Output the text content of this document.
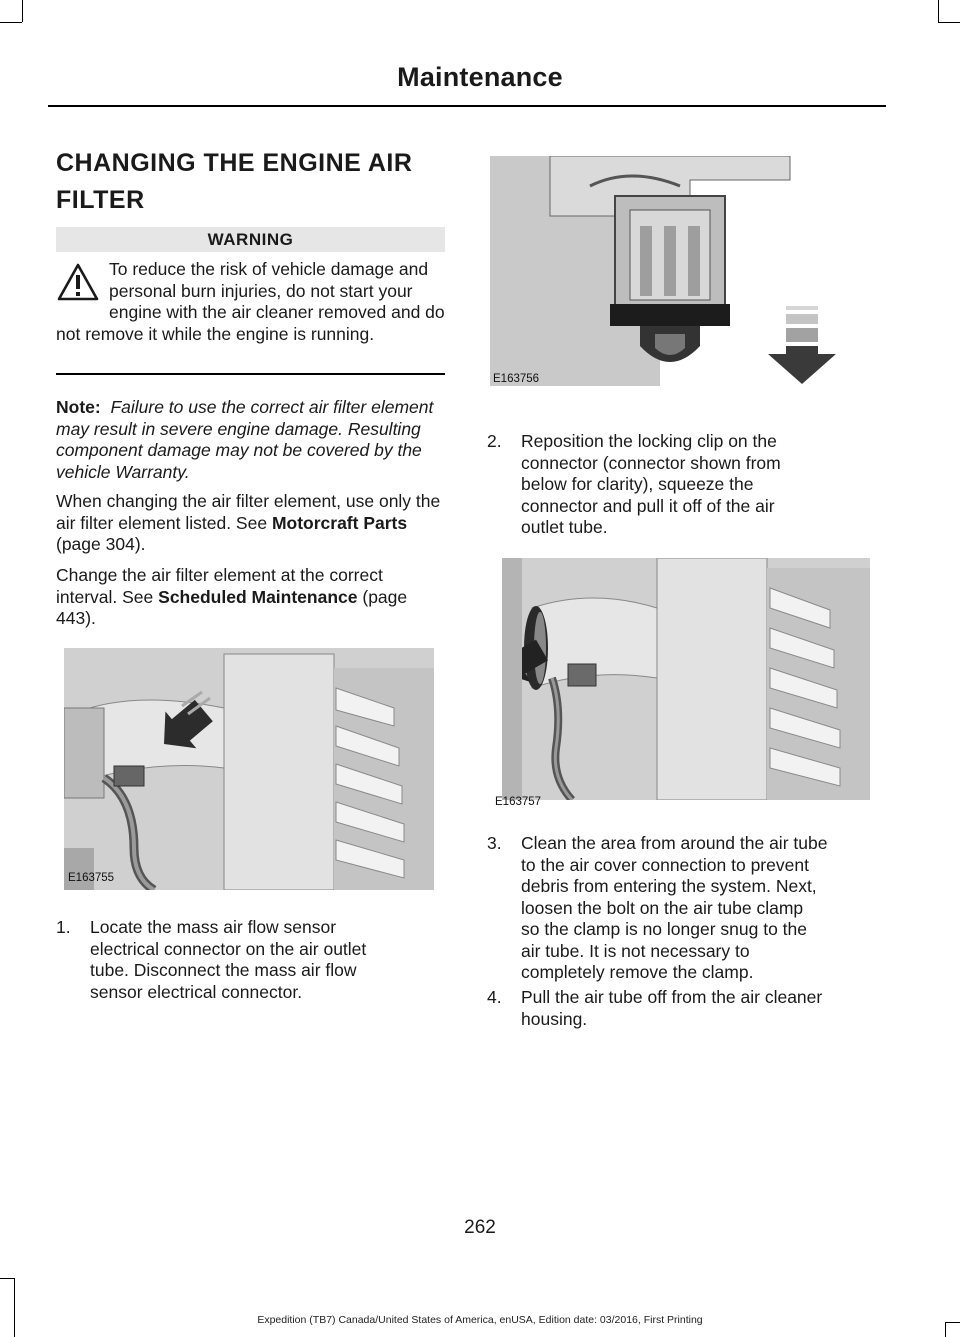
Maintenance
CHANGING THE ENGINE AIR
FILTER
WARNING
To reduce the risk of vehicle damage and personal burn injuries, do not start your engine with the air cleaner removed and do not remove it while the engine is running.
Note: Failure to use the correct air filter element may result in severe engine damage. Resulting component damage may not be covered by the vehicle Warranty.
When changing the air filter element, use only the air filter element listed. See Motorcraft Parts (page 304).
Change the air filter element at the correct interval. See Scheduled Maintenance (page 443).
E163755
1. Locate the mass air flow sensor
electrical connector on the air outlet
tube. Disconnect the mass air flow
sensor electrical connector.
E163756
2. Reposition the locking clip on the
connector (connector shown from
below for clarity), squeeze the
connector and pull it off of the air
outlet tube.
E163757
3. Clean the area from around the air tube
to the air cover connection to prevent
debris from entering the system. Next,
loosen the bolt on the air tube clamp
so the clamp is no longer snug to the
air tube. It is not necessary to
completely remove the clamp.
4. Pull the air tube off from the air cleaner
housing.
262
Expedition (TB7) Canada/United States of America, enUSA, Edition date: 03/2016, First Printing
